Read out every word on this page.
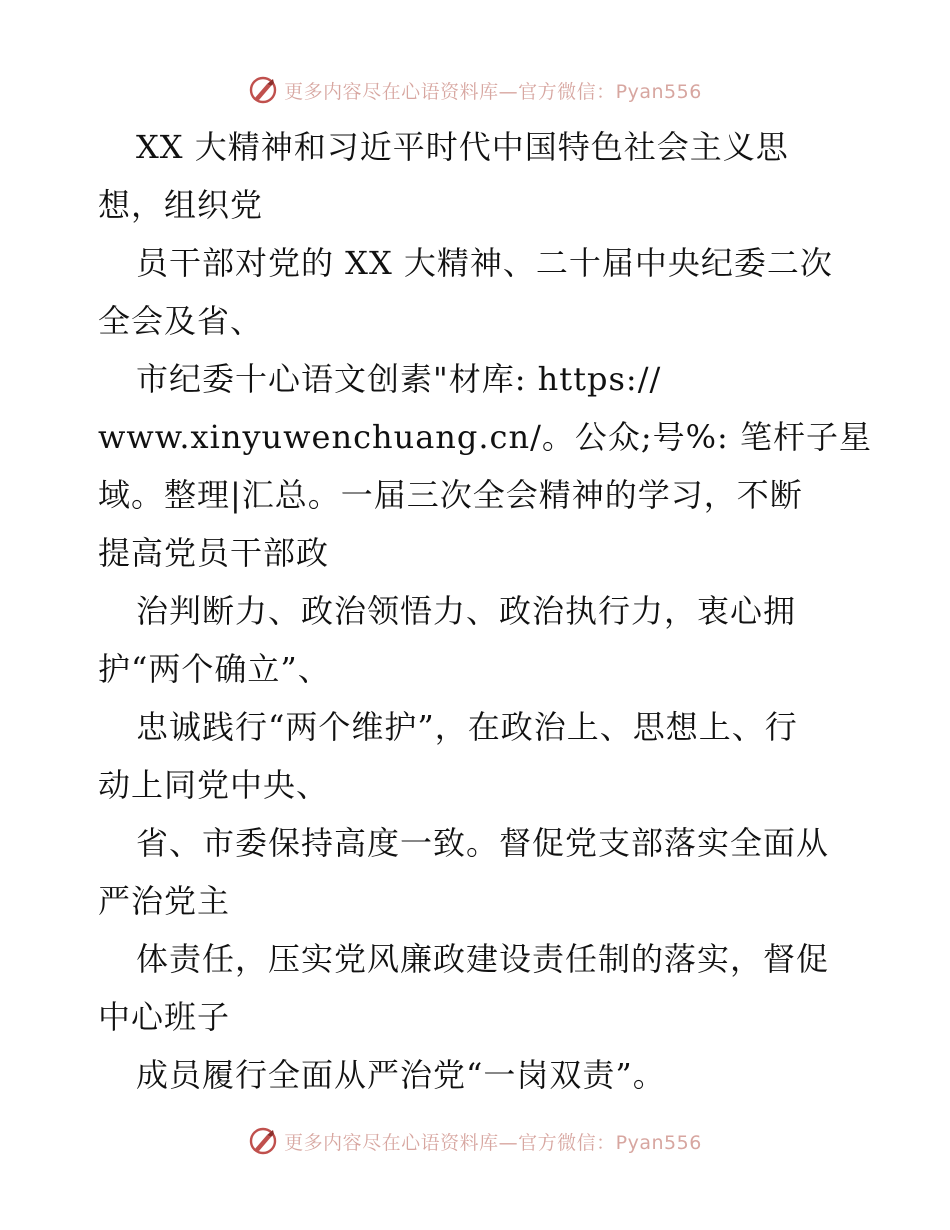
更多内容尽在心语资料库—官方微信：Pyan556
XX 大精神和习近平时代中国特色社会主义思
想，组织党
员干部对党的 XX 大精神、二十届中央纪委二次
全会及省、
市纪委十心语文创素"材库: https://
www.xinyuwenchuang.cn/。公众;号%: 笔杆子星
域。整理|汇总。一届三次全会精神的学习，不断
提高党员干部政
治判断力、政治领悟力、政治执行力，衷心拥
护“两个确立”、
忠诚践行“两个维护”，在政治上、思想上、行
动上同党中央、
省、市委保持高度一致。督促党支部落实全面从
严治党主
体责任，压实党风廉政建设责任制的落实，督促
中心班子
成员履行全面从严治党“一岗双责”。
更多内容尽在心语资料库—官方微信：Pyan556
